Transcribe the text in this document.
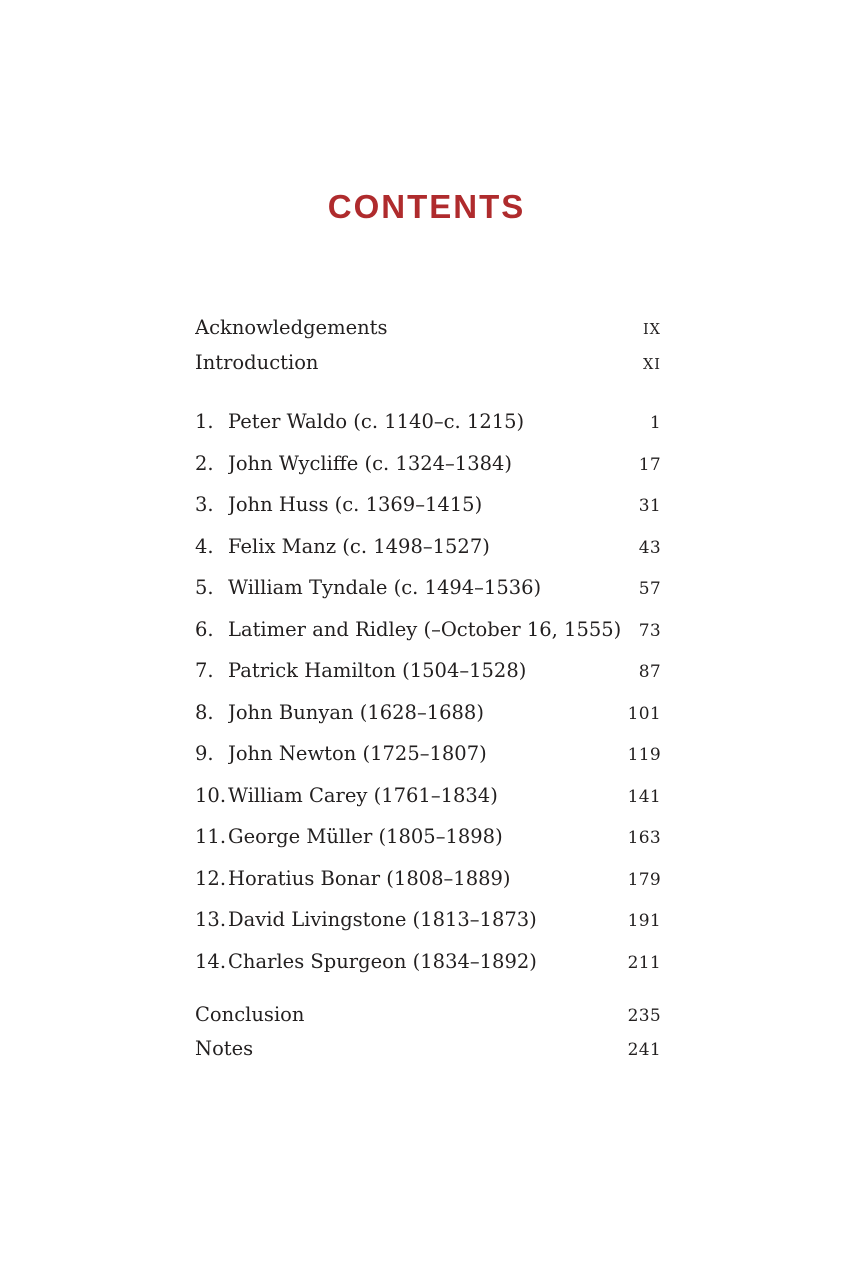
CONTENTS
Acknowledgements	IX
Introduction	XI
1. Peter Waldo (c. 1140–c. 1215)	1
2. John Wycliffe (c. 1324–1384)	17
3. John Huss (c. 1369–1415)	31
4. Felix Manz (c. 1498–1527)	43
5. William Tyndale (c. 1494–1536)	57
6. Latimer and Ridley (–October 16, 1555)	73
7. Patrick Hamilton (1504–1528)	87
8. John Bunyan (1628–1688)	101
9. John Newton (1725–1807)	119
10. William Carey (1761–1834)	141
11. George Müller (1805–1898)	163
12. Horatius Bonar (1808–1889)	179
13. David Livingstone (1813–1873)	191
14. Charles Spurgeon (1834–1892)	211
Conclusion	235
Notes	241
